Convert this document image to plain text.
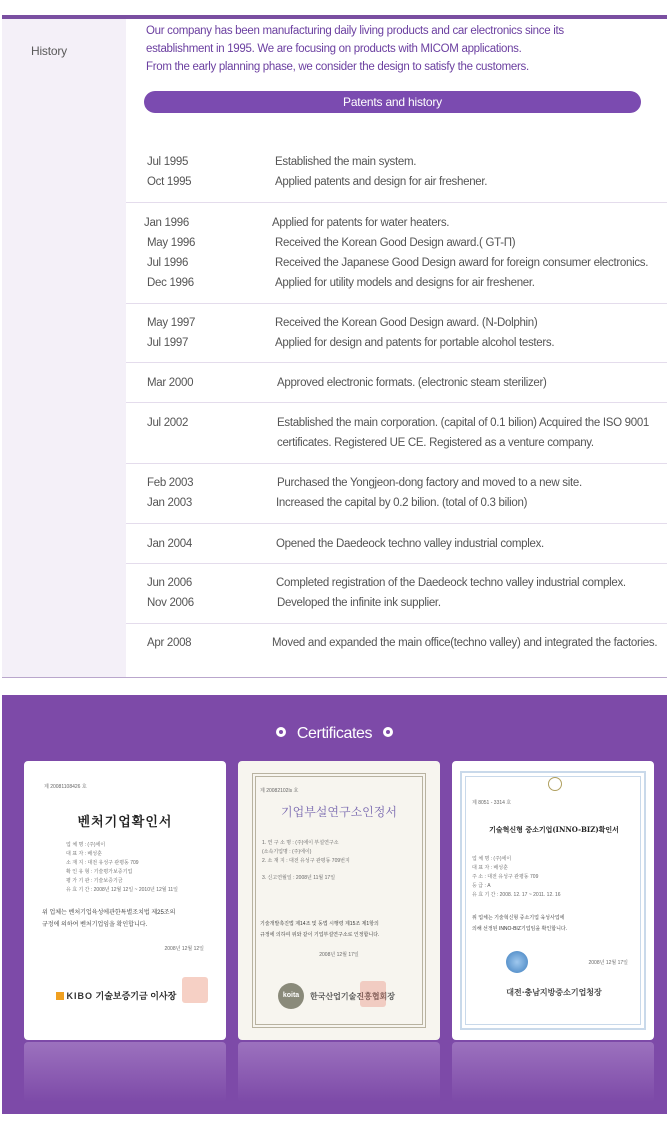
History
Our company has been manufacturing daily living products and car electronics since its
establishment in 1995. We are focusing on products with MICOM applications.
From the early planning phase, we consider the design to satisfy the customers.
Patents and history
Jul 1995	Established the main system.
Oct 1995	Applied patents and design for air freshener.
Jan 1996	Applied for patents for water heaters.
May 1996	Received the Korean Good Design award.( GT-Π)
Jul 1996	Received the Japanese Good Design award for foreign consumer electronics.
Dec 1996	Applied for utility models and designs for air freshener.
May 1997	Received the Korean Good Design award. (N-Dolphin)
Jul 1997	Applied for design and patents for portable alcohol testers.
Mar 2000	Approved electronic formats. (electronic steam sterilizer)
Jul 2002	Established the main corporation. (capital of 0.1 bilion) Acquired the ISO 9001
certificates. Registered UE CE. Registered as a venture company.
Feb 2003	Purchased the Yongjeon-dong factory and moved to a new site.
Jan 2003	Increased the capital by 0.2 bilion. (total of 0.3 bilion)
Jan 2004	Opened the Daedeock techno valley industrial complex.
Jun 2006	Completed registration of the Daedeock techno valley industrial complex.
Nov 2006	Developed the infinite ink supplier.
Apr 2008	Moved and expanded the main office(techno valley) and integrated the factories.
Certificates
제 20081108426 호
벤처기업확인서
업 체 명 : (주)에이
대 표 자 : 배성훈
소 재 지 : 대전 유성구 관평동 709
확 인 유 형 : 기술평가보증기업
평 가 기 관 : 기술보증기금
유 효 기 간 : 2008년 12월 12일 ~ 2010년 12월 11일
위 업체는 벤처기업육성에관한특별조치법 제25조의
규정에 의하여 벤처기업임을 확인합니다.
2008년 12월 12일
KIBO 기술보증기금 이사장
제 20082102ls 호
기업부설연구소인정서
1. 연 구 소 명 : (주)에이 부설연구소
(소속기업명 : (주)에이)
2. 소 재 지 : 대전 유성구 관평동 709번지
3. 신고연월일 : 2008년 11월 17일
기술개발촉진법 제14조 및 동법 시행령 제15조 제1항의
규정에 의하여 위와 같이 기업부설연구소로 인정합니다.
2008년 12월 17일
koita	한국산업기술진흥협회장
제 8051 - 3314 호
기술혁신형 중소기업(INNO-BIZ)확인서
업 체 명 : (주)에이
대 표 자 : 배성훈
주 소 : 대전 유성구 관평동 709
등 급 : A
유 효 기 간 : 2008. 12. 17 ~ 2011. 12. 16
위 업체는 기술혁신형 중소기업 육성사업에
의해 선정된 INNO-BIZ기업임을 확인합니다.
2008년 12월 17일
대전·충남지방중소기업청장
